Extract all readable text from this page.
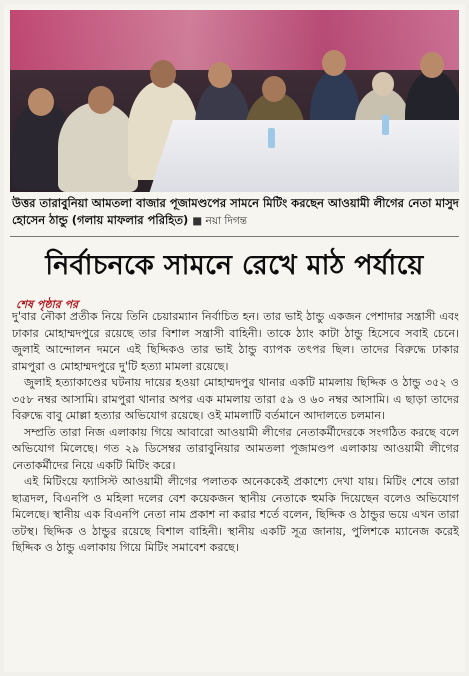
উত্তর তারাবুনিয়া আমতলা বাজার পূজামণ্ডপের সামনে মিটিং করছেন আওয়ামী লীগের নেতা মাসুদ হোসেন ঠান্ডু (গলায় মাফলার পরিহিত) ■ নয়া দিগন্ত
নির্বাচনকে সামনে রেখে মাঠ পর্যায়ে
শেষ পৃষ্ঠার পর

দু'বার নৌকা প্রতীক নিয়ে তিনি চেয়ারম্যান নির্বাচিত হন। তার ভাই ঠান্ডু একজন পেশাদার সন্ত্রাসী এবং ঢাকার মোহাম্মদপুরে রয়েছে তার বিশাল সন্ত্রাসী বাহিনী। তাকে ঠ্যাং কাটা ঠান্ডু হিসেবে সবাই চেনে। জুলাই আন্দোলন দমনে এই ছিদ্দিকও তার ভাই ঠান্ডু ব্যাপক তৎপর ছিল। তাদের বিরুদ্ধে ঢাকার রামপুরা ও মোহাম্মদপুরে দু'টি হত্যা মামলা রয়েছে।

জুলাই হত্যাকাণ্ডের ঘটনায় দায়ের হওয়া মোহাম্মদপুর থানার একটি মামলায় ছিদ্দিক ও ঠান্ডু ৩৫২ ও ৩৫৮ নম্বর আসামি। রামপুরা থানার অপর এক মামলায় তারা ৫৯ ও ৬০ নম্বর আসামি। এ ছাড়া তাদের বিরুদ্ধে বাবু মোল্লা হত্যার অভিযোগ রয়েছে। ওই মামলাটি বর্তমানে আদালতে চলমান।

সম্প্রতি তারা নিজ এলাকায় গিয়ে আবারো আওয়ামী লীগের নেতাকর্মীদেরকে সংগঠিত করছে বলে অভিযোগ মিলেছে। গত ২৯ ডিসেম্বর তারাবুনিয়ার আমতলা পূজামণ্ডপ এলাকায় আওয়ামী লীগের নেতাকর্মীদের নিয়ে একটি মিটিং করে।

এই মিটিংয়ে ফ্যাসিস্ট আওয়ামী লীগের পলাতক অনেককেই প্রকাশ্যে দেখা যায়। মিটিং শেষে তারা ছাত্রদল, বিএনপি ও মহিলা দলের বেশ কয়েকজন স্থানীয় নেতাকে হুমকি দিয়েছেন বলেও অভিযোগ মিলেছে। স্থানীয় এক বিএনপি নেতা নাম প্রকাশ না করার শর্তে বলেন, ছিদ্দিক ও ঠান্ডুর ভয়ে এখন তারা তটস্থ। ছিদ্দিক ও ঠান্ডুর রয়েছে বিশাল বাহিনী। স্থানীয় একটি সূত্র জানায়, পুলিশকে ম্যানেজ করেই ছিদ্দিক ও ঠান্ডু এলাকায় গিয়ে মিটিং সমাবেশ করছে।
